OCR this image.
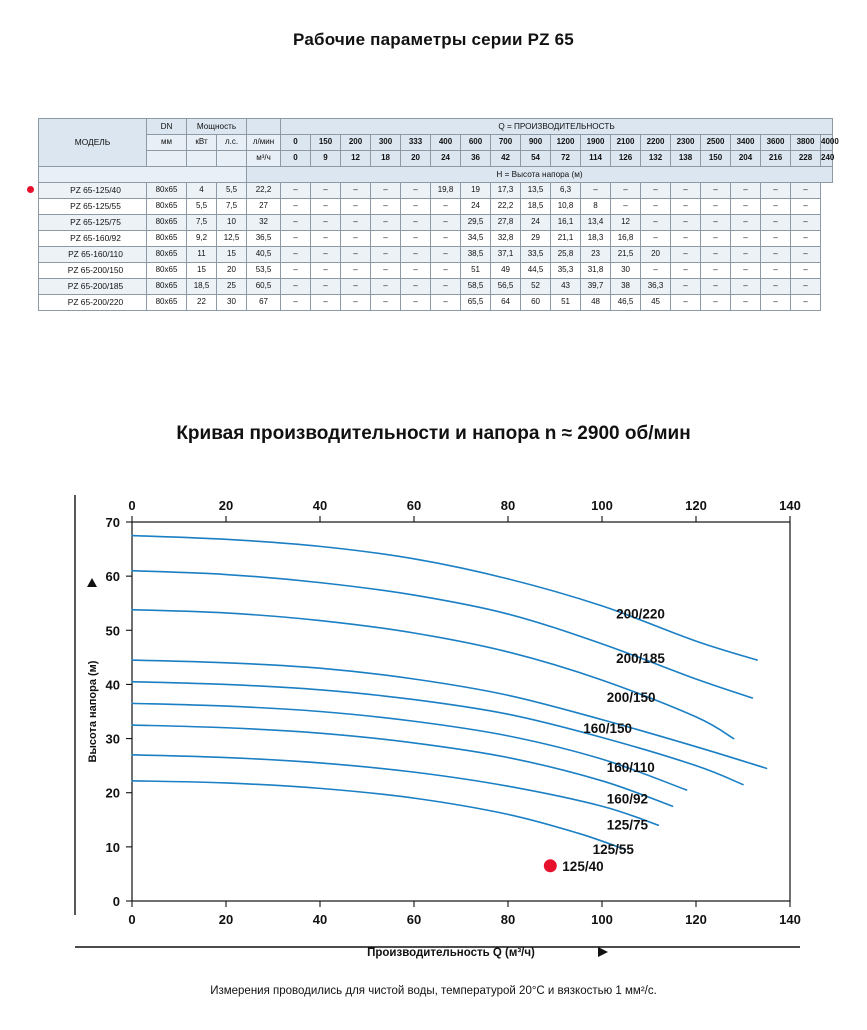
Рабочие параметры серии PZ 65
МОДЕЛЬ	DN	Мощность			Q = ПРОИЗВОДИТЕЛЬНОСТЬ																		
	мм	кВт	л.с.	л/мин	0	150	200	300	333	400	600	700	900	1200	1900	2100	2200	2300	2500	3400	3600	3800	4000
				м³/ч	0	9	12	18	20	24	36	42	54	72	114	126	132	138	150	204	216	228	240
				H = Высота напора (м)																			

PZ 65-125/40	80x65	4	5,5	22,2	–	–	–	–	–	19,8	19	17,3	13,5	6,3	–	–	–	–	–	–	–	–	
PZ 65-125/55	80x65	5,5	7,5	27	–	–	–	–	–	–	24	22,2	18,5	10,8	8	–	–	–	–	–	–	–	
PZ 65-125/75	80x65	7,5	10	32	–	–	–	–	–	–	29,5	27,8	24	16,1	13,4	12	–	–	–	–	–	–	
PZ 65-160/92	80x65	9,2	12,5	36,5	–	–	–	–	–	–	34,5	32,8	29	21,1	18,3	16,8	–	–	–	–	–	–	
PZ 65-160/110	80x65	11	15	40,5	–	–	–	–	–	–	38,5	37,1	33,5	25,8	23	21,5	20	–	–	–	–	–	
PZ 65-200/150	80x65	15	20	53,5	–	–	–	–	–	–	51	49	44,5	35,3	31,8	30	–	–	–	–	–	–	
PZ 65-200/185	80x65	18,5	25	60,5	–	–	–	–	–	–	58,5	56,5	52	43	39,7	38	36,3	–	–	–	–	–	
PZ 65-200/220	80x65	22	30	67	–	–	–	–	–	–	65,5	64	60	51	48	46,5	45	–	–	–	–	–	
Кривая производительности и напора n ≈ 2900 об/мин
0	20	40	60	80	100	120	140
0	20	40	60	80	100	120	140
0
10
20
30
40
50
60
70
Высота напора (м)
Производительность Q (м³/ч)
200/220
200/185
200/150
160/150
160/110
160/92
125/75
125/55
125/40
Измерения проводились для чистой воды, температурой 20°C и вязкостью 1 мм²/с.
